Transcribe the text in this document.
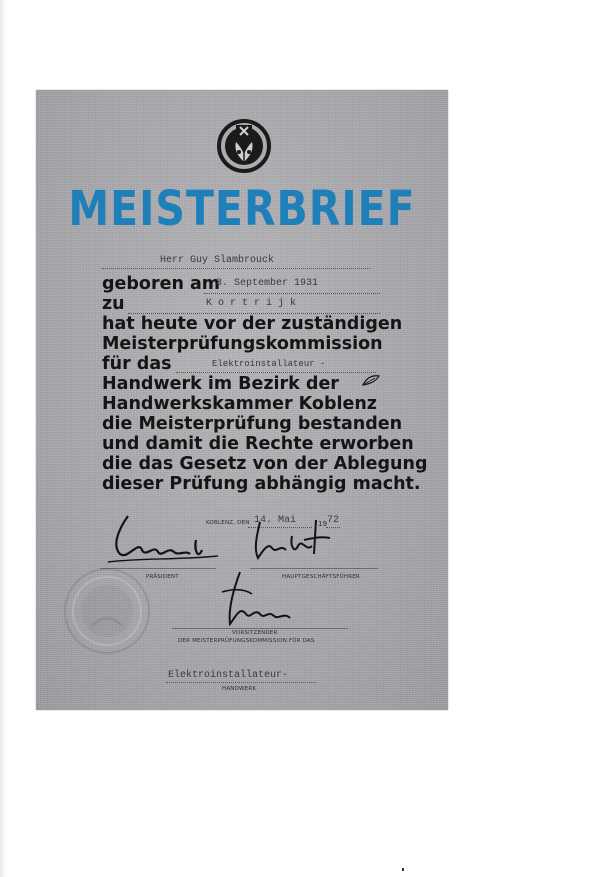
MEISTERBRIEF
Herr Guy Slambrouck
geboren am
8. September 1931
zu	K o r t r i j k
hat heute vor der zuständigen
Meisterprüfungskommission
für das	Elektroinstallateur -
Handwerk im Bezirk der
Handwerkskammer Koblenz
die Meisterprüfung bestanden
und damit die Rechte erworben
die das Gesetz von der Ablegung
dieser Prüfung abhängig macht.
KOBLENZ, DEN 14. Mai	19 72
PRÄSIDENT	HAUPTGESCHÄFTSFÜHRER
VORSITZENDER
DER MEISTERPRÜFUNGSKOMMISSION FÜR DAS
Elektroinstallateur-
HANDWERK
